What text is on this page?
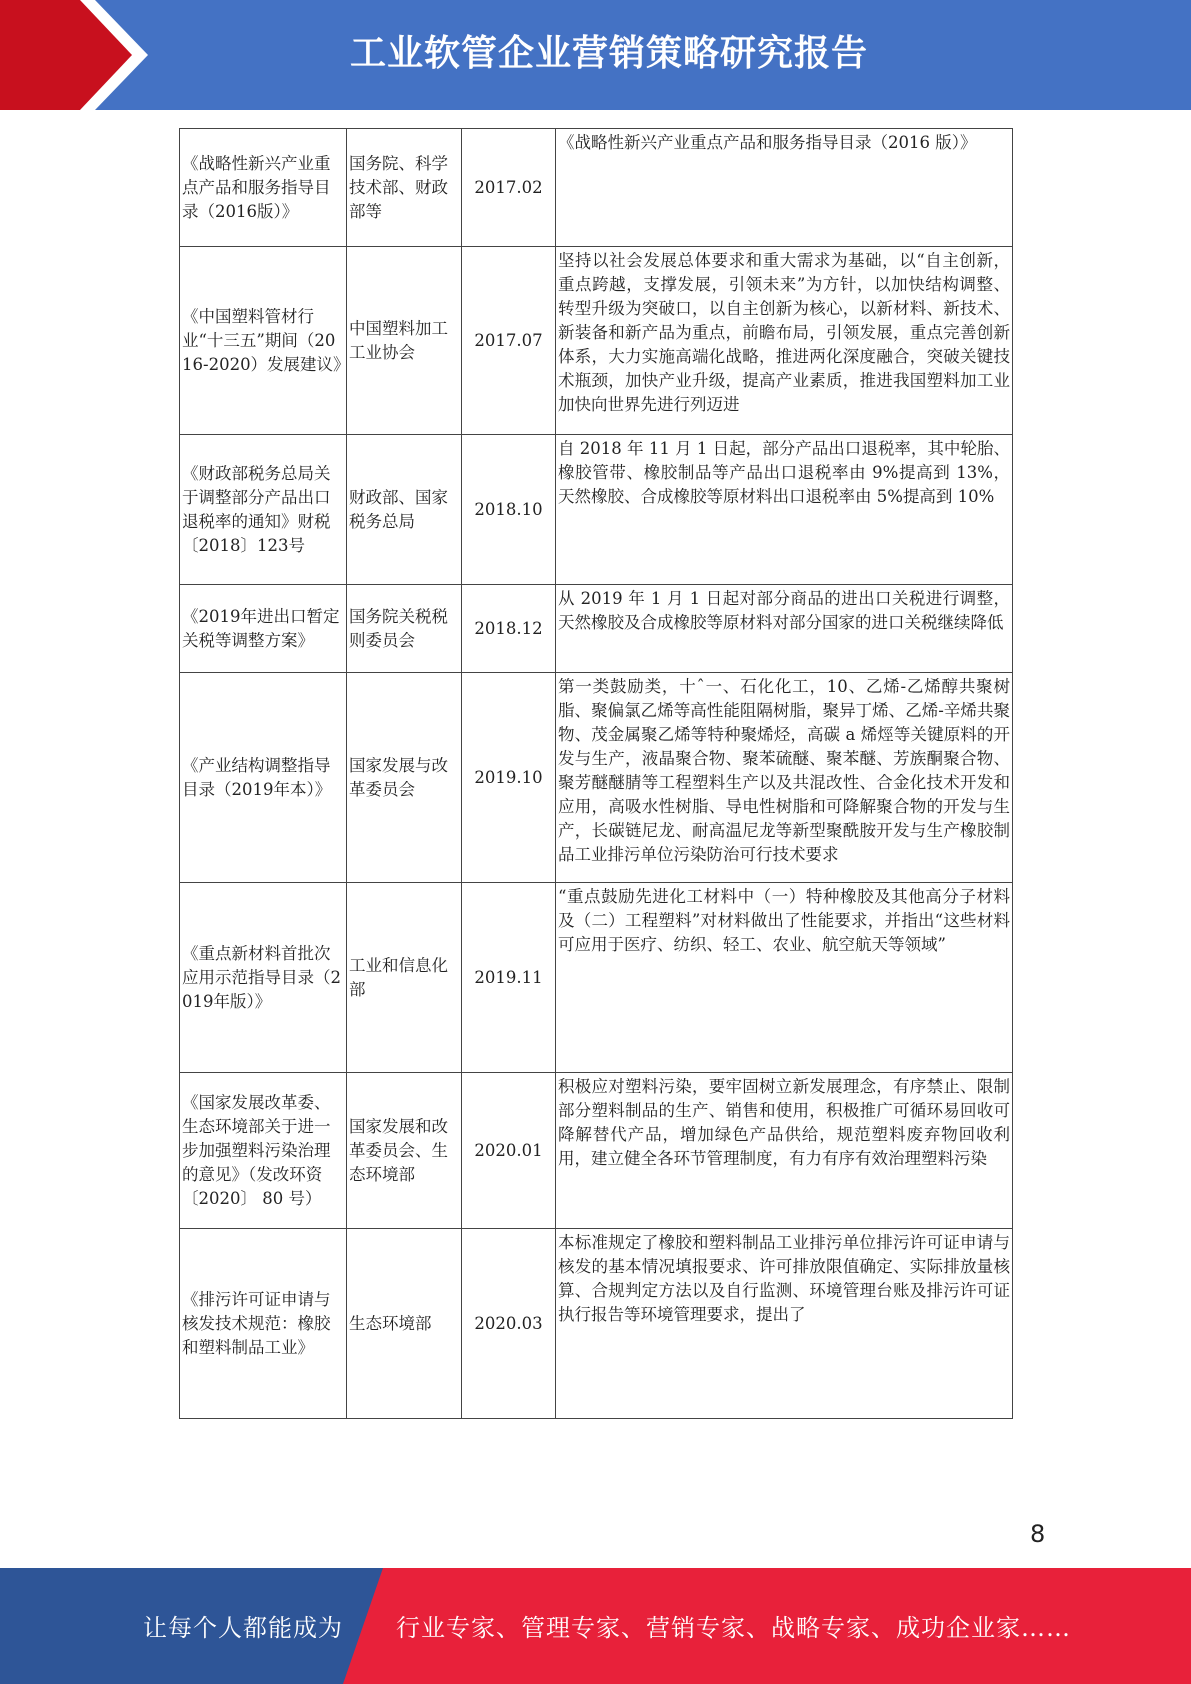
工业软管企业营销策略研究报告
《战略性新兴产业重点产品和服务指导目录（2016版）》	国务院、科学技术部、财政部等	2017.02	《战略性新兴产业重点产品和服务指导目录（2016 版）》
《中国塑料管材行业“十三五”期间（2016-2020）发展建议》	中国塑料加工工业协会	2017.07	坚持以社会发展总体要求和重大需求为基础，以“自主创新，重点跨越，支撑发展，引领未来”为方针，以加快结构调整、转型升级为突破口，以自主创新为核心，以新材料、新技术、新装备和新产品为重点，前瞻布局，引领发展，重点完善创新体系，大力实施高端化战略，推进两化深度融合，突破关键技术瓶颈，加快产业升级，提高产业素质，推进我国塑料加工业加快向世界先进行列迈进
《财政部税务总局关于调整部分产品出口退税率的通知》财税〔2018〕123号	财政部、国家税务总局	2018.10	自 2018 年 11 月 1 日起，部分产品出口退税率，其中轮胎、橡胶管带、橡胶制品等产品出口退税率由 9%提高到 13%，天然橡胶、合成橡胶等原材料出口退税率由 5%提高到 10%
《2019年进出口暂定关税等调整方案》	国务院关税税则委员会	2018.12	从 2019 年 1 月 1 日起对部分商品的进出口关税进行调整，天然橡胶及合成橡胶等原材料对部分国家的进口关税继续降低
《产业结构调整指导目录（2019年本）》	国家发展与改革委员会	2019.10	第一类鼓励类，十ˆ一、石化化工，10、乙烯-乙烯醇共聚树脂、聚偏氯乙烯等高性能阻隔树脂，聚异丁烯、乙烯-辛烯共聚物、茂金属聚乙烯等特种聚烯烃，高碳 a 烯烴等关键原料的开发与生产，液晶聚合物、聚苯硫醚、聚苯醚、芳族酮聚合物、聚芳醚醚腈等工程塑料生产以及共混改性、合金化技术开发和应用，高吸水性树脂、导电性树脂和可降解聚合物的开发与生产，长碳链尼龙、耐高温尼龙等新型聚酰胺开发与生产橡胶制品工业排污单位污染防治可行技术要求
《重点新材料首批次应用示范指导目录（2019年版）》	工业和信息化部	2019.11	“重点鼓励先进化工材料中（一）特种橡胶及其他高分子材料及（二）工程塑料”对材料做出了性能要求，并指出“这些材料可应用于医疗、纺织、轻工、农业、航空航天等领域”
《国家发展改革委、生态环境部关于进一步加强塑料污染治理的意见》（发改环资〔2020〕 80 号）	国家发展和改革委员会、生态环境部	2020.01	积极应对塑料污染，要牢固树立新发展理念，有序禁止、限制部分塑料制品的生产、销售和使用，积极推广可循环易回收可降解替代产品，增加绿色产品供给，规范塑料废弃物回收利用，建立健全各环节管理制度，有力有序有效治理塑料污染
《排污许可证申请与核发技术规范：橡胶和塑料制品工业》	生态环境部	2020.03	本标准规定了橡胶和塑料制品工业排污单位排污许可证申请与核发的基本情况填报要求、许可排放限值确定、实际排放量核算、合规判定方法以及自行监测、环境管理台账及排污许可证执行报告等环境管理要求，提出了
8
让每个人都能成为 行业专家、管理专家、营销专家、战略专家、成功企业家……
